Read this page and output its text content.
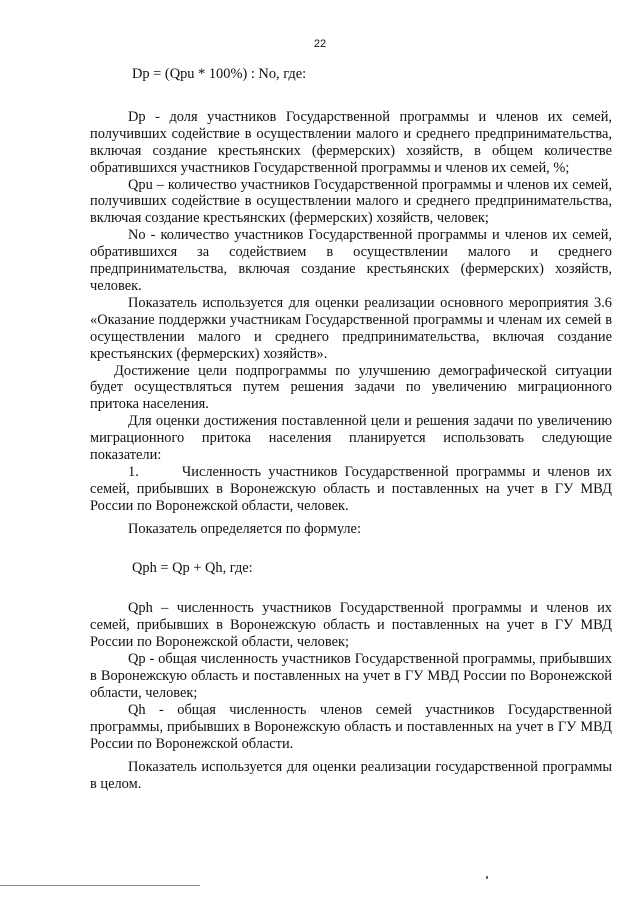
22

Dp = (Qpu * 100%) : No, где:

Dp - доля участников Государственной программы и членов их семей, получивших содействие в осуществлении малого и среднего предпринимательства, включая создание крестьянских (фермерских) хозяйств, в общем количестве обратившихся участников Государственной программы и членов их семей, %;

Qpu – количество участников Государственной программы и членов их семей, получивших содействие в осуществлении малого и среднего предпринимательства, включая создание крестьянских (фермерских) хозяйств, человек;

No - количество участников Государственной программы и членов их семей, обратившихся за содействием в осуществлении малого и среднего предпринимательства, включая создание крестьянских (фермерских) хозяйств, человек.

Показатель используется для оценки реализации основного мероприятия 3.6 «Оказание поддержки участникам Государственной программы и членам их семей в осуществлении малого и среднего предпринимательства, включая создание крестьянских (фермерских) хозяйств».

Достижение цели подпрограммы по улучшению демографической ситуации будет осуществляться путем решения задачи по увеличению миграционного притока населения.

Для оценки достижения поставленной цели и решения задачи по увеличению миграционного притока населения планируется использовать следующие показатели:

1.      Численность участников Государственной программы и членов их семей, прибывших в Воронежскую область и поставленных на учет в ГУ МВД России по Воронежской области, человек.

Показатель определяется по формуле:

Qph = Qp + Qh, где:

Qph – численность участников Государственной программы и членов их семей, прибывших в Воронежскую область и поставленных на учет в ГУ МВД России по Воронежской области, человек;

Qp - общая численность участников Государственной программы, прибывших в Воронежскую область и поставленных на учет в ГУ МВД России по Воронежской области, человек;

Qh - общая численность членов семей участников Государственной программы, прибывших в Воронежскую область и поставленных на учет в ГУ МВД России по Воронежской области.

Показатель используется для оценки реализации государственной программы в целом.
